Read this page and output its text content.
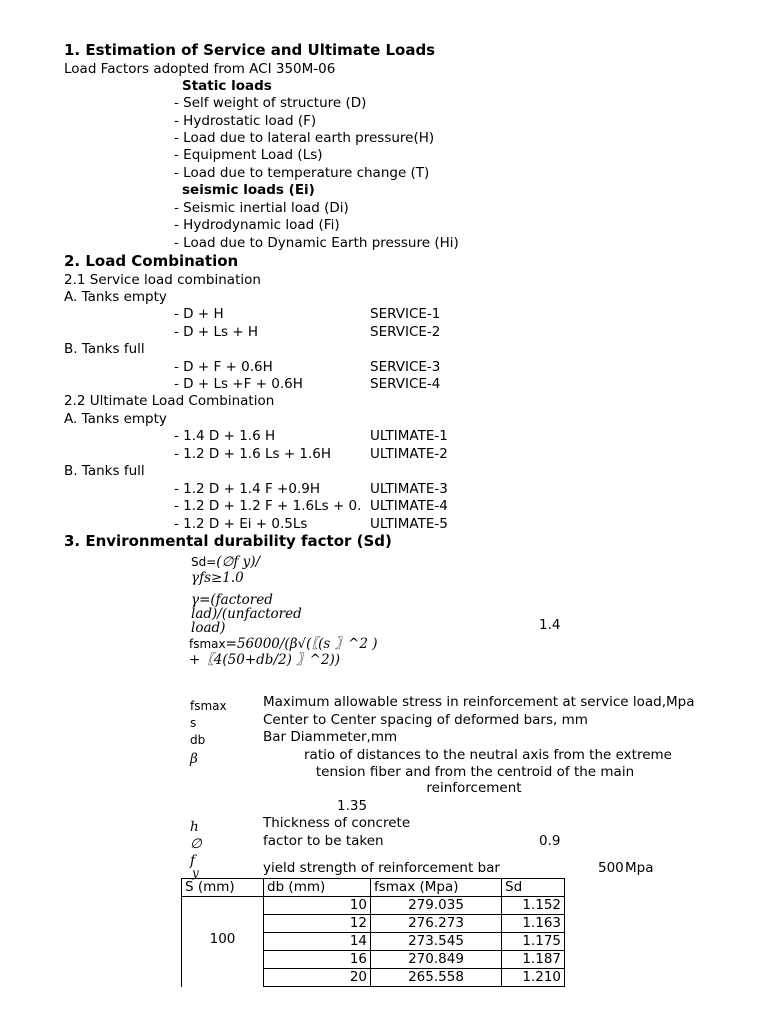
1. Estimation of Service and Ultimate Loads
Load Factors adopted from ACI 350M-06
Static loads
- Self weight of structure (D)
- Hydrostatic load (F)
- Load due to lateral earth pressure(H)
- Equipment Load (Ls)
- Load due to temperature change (T)
seismic loads (Ei)
- Seismic inertial load (Di)
- Hydrodynamic load (Fi)
- Load due to Dynamic Earth pressure (Hi)
2. Load Combination
2.1 Service load combination
A. Tanks empty
- D + H	SERVICE-1
- D + Ls + H	SERVICE-2
B. Tanks full
- D + F + 0.6H	SERVICE-3
- D + Ls +F + 0.6H	SERVICE-4
2.2 Ultimate Load Combination
A. Tanks empty
- 1.4 D + 1.6 H	ULTIMATE-1
- 1.2 D + 1.6 Ls + 1.6H	ULTIMATE-2
B. Tanks full
- 1.2 D + 1.4 F +0.9H	ULTIMATE-3
- 1.2 D + 1.2 F + 1.6Ls + 0. ULTIMATE-4
- 1.2 D + Ei + 0.5Ls	ULTIMATE-5
3. Environmental durability factor (Sd)
Sd=(∅𝑓 𝑦)/
𝛾𝑓𝑠≥1.0
𝛾=(𝑓𝑎𝑐𝑡𝑜𝑟𝑒𝑑
𝑙𝑎𝑑)/(𝑢𝑛𝑓𝑎𝑐𝑡𝑜𝑟𝑒𝑑
𝑙𝑜𝑎𝑑)	1.4
fsmax=56000/(𝛽√(〖(𝑠 〗^2 )
+〖4(50+𝑑𝑏/2) 〗^2))
fsmax	Maximum allowable stress in reinforcement at service load,Mpa
s	Center to Center spacing of deformed bars, mm
db	Bar Diammeter,mm
𝛽	ratio of distances to the neutral axis from the extreme
tension fiber and from the centroid of the main
reinforcement
1.35
ℎ	Thickness of concrete
∅	factor to be taken	0.9
𝑓
𝑦	yield strength of reinforcement bar	500 Mpa
S (mm)	db (mm)	fsmax (Mpa)	Sd
100	10	279.035	1.152
	12	276.273	1.163
	14	273.545	1.175
	16	270.849	1.187
	20	265.558	1.210
